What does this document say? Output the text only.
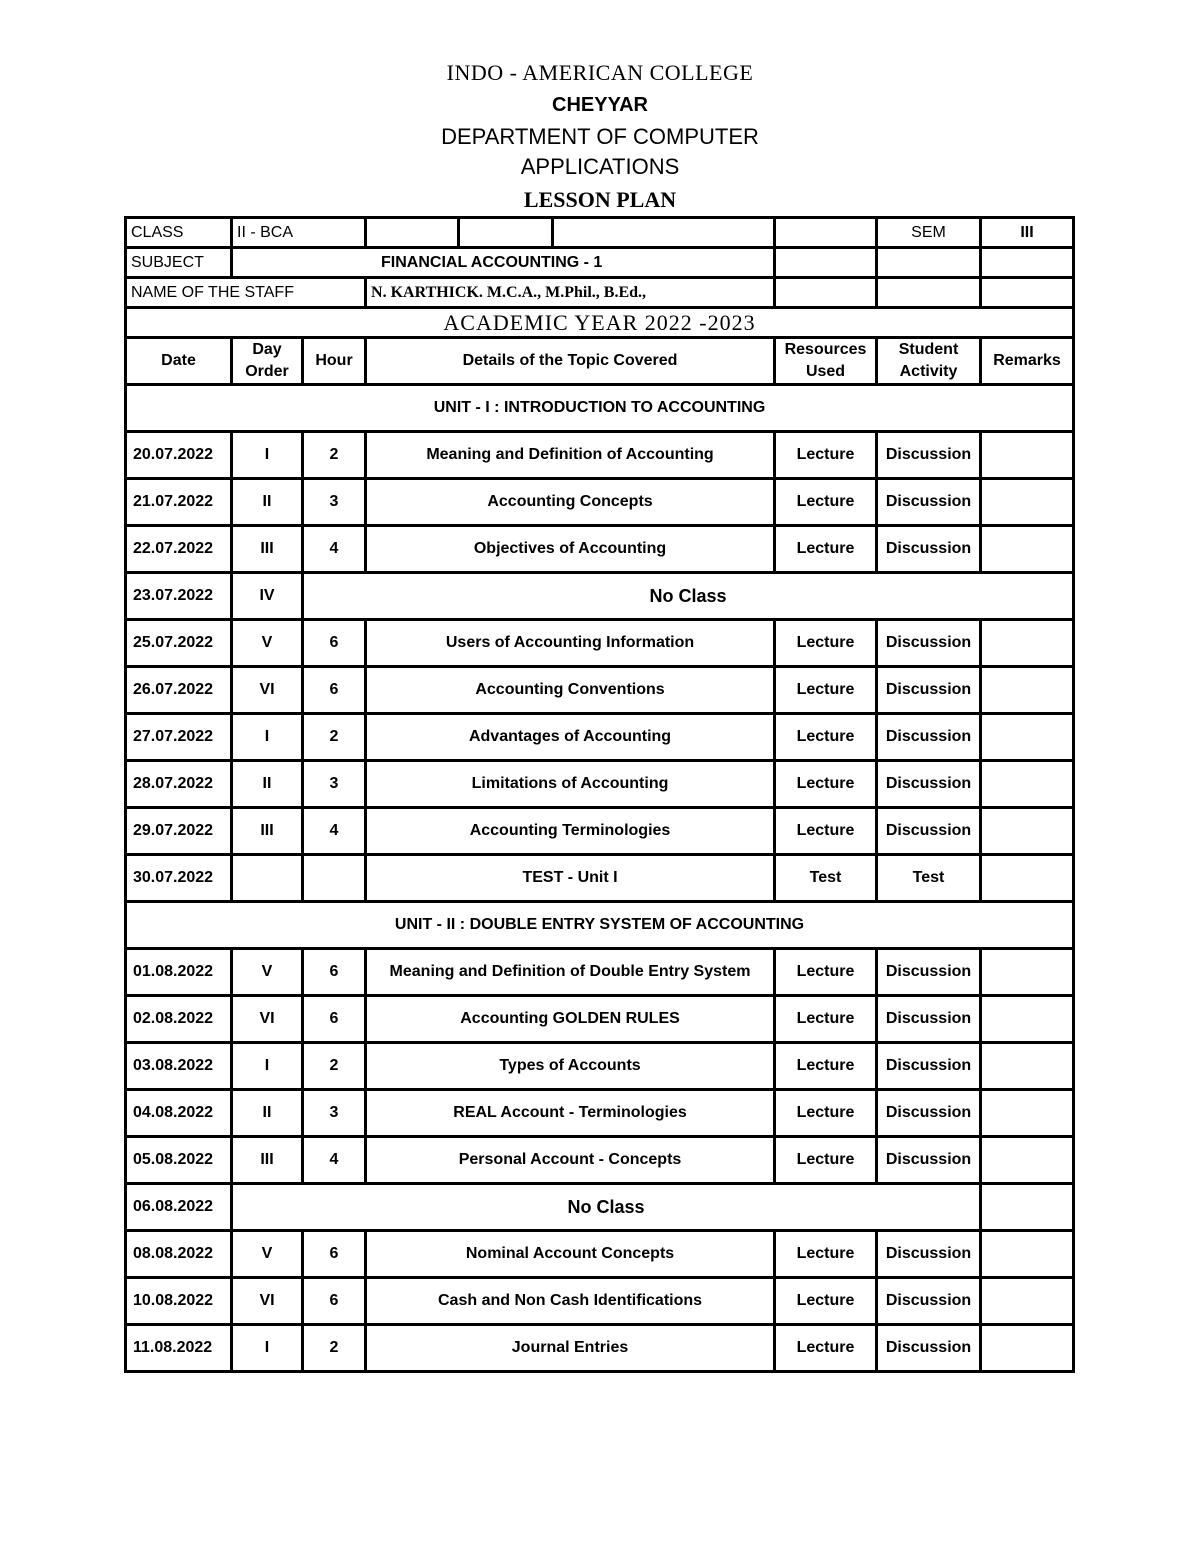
INDO - AMERICAN COLLEGE
CHEYYAR
DEPARTMENT OF COMPUTER
APPLICATIONS
LESSON PLAN
CLASS	II - BCA						SEM	III
SUBJECT	FINANCIAL ACCOUNTING - 1							
NAME OF THE STAFF			N. KARTHICK. M.C.A., M.Phil., B.Ed.,					
ACADEMIC YEAR 2022 -2023								
Date	Day Order	Hour	Details of the Topic Covered			Resources Used	Student Activity	Remarks
UNIT - I : INTRODUCTION TO ACCOUNTING								
20.07.2022	I	2	Meaning and Definition of Accounting			Lecture	Discussion	
21.07.2022	II	3	Accounting Concepts			Lecture	Discussion	
22.07.2022	III	4	Objectives of Accounting			Lecture	Discussion	
23.07.2022	IV	No Class						
25.07.2022	V	6	Users of Accounting Information			Lecture	Discussion	
26.07.2022	VI	6	Accounting Conventions			Lecture	Discussion	
27.07.2022	I	2	Advantages of Accounting			Lecture	Discussion	
28.07.2022	II	3	Limitations of Accounting			Lecture	Discussion	
29.07.2022	III	4	Accounting Terminologies			Lecture	Discussion	
30.07.2022			TEST - Unit I			Test	Test	
UNIT - II : DOUBLE ENTRY SYSTEM OF ACCOUNTING								
01.08.2022	V	6	Meaning and Definition of Double Entry System			Lecture	Discussion	
02.08.2022	VI	6	Accounting GOLDEN RULES			Lecture	Discussion	
03.08.2022	I	2	Types of Accounts			Lecture	Discussion	
04.08.2022	II	3	REAL Account - Terminologies			Lecture	Discussion	
05.08.2022	III	4	Personal Account - Concepts			Lecture	Discussion	
06.08.2022	No Class							
08.08.2022	V	6	Nominal Account Concepts			Lecture	Discussion	
10.08.2022	VI	6	Cash and Non Cash Identifications			Lecture	Discussion	
11.08.2022	I	2	Journal Entries			Lecture	Discussion	
